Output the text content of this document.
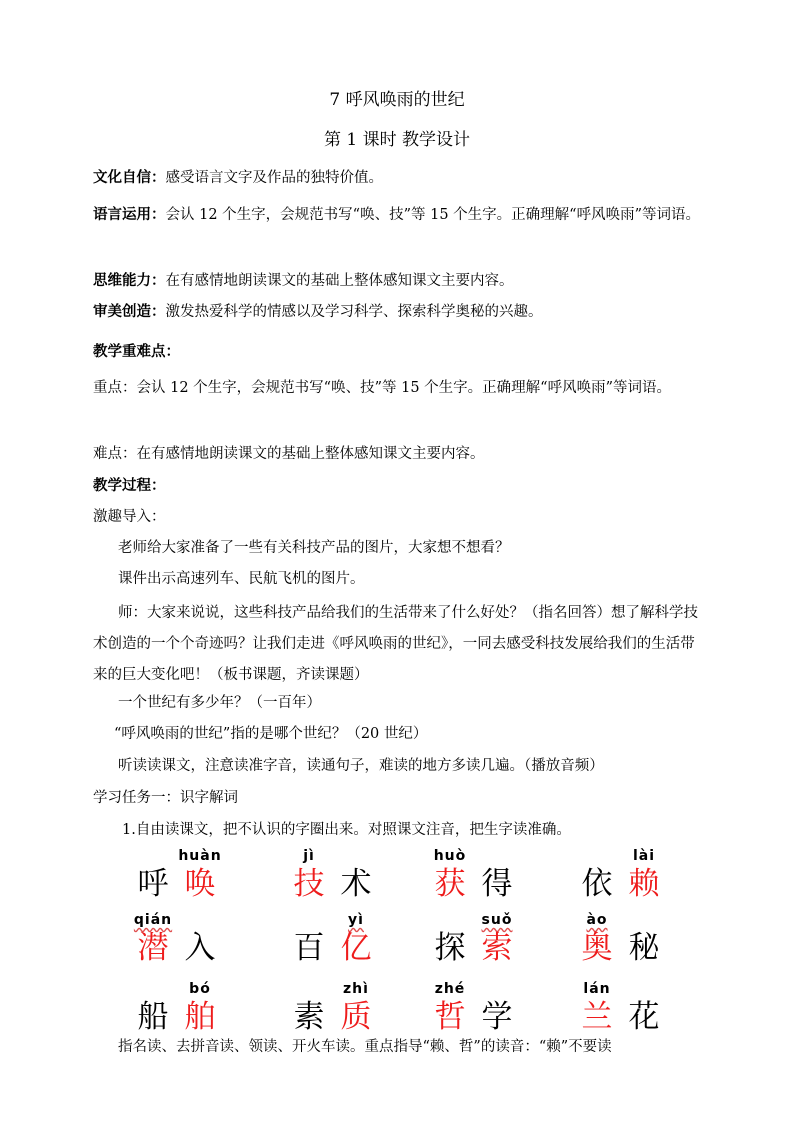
7 呼风唤雨的世纪
第 1 课时 教学设计
文化自信：感受语言文字及作品的独特价值。
语言运用：会认 12 个生字，会规范书写“唤、技”等 15 个生字。正确理解“呼风唤雨”等词语。
思维能力：在有感情地朗读课文的基础上整体感知课文主要内容。
审美创造：激发热爱科学的情感以及学习科学、探索科学奥秘的兴趣。
教学重难点：
重点：会认 12 个生字，会规范书写“唤、技”等 15 个生字。正确理解“呼风唤雨”等词语。
难点：在有感情地朗读课文的基础上整体感知课文主要内容。
教学过程：
激趣导入：
老师给大家准备了一些有关科技产品的图片，大家想不想看？
课件出示高速列车、民航飞机的图片。
师：大家来说说，这些科技产品给我们的生活带来了什么好处？（指名回答）想了解科学技术创造的一个个奇迹吗？让我们走进《呼风唤雨的世纪》，一同去感受科技发展给我们的生活带来的巨大变化吧！（板书课题，齐读课题）
一个世纪有多少年？（一百年）
“呼风唤雨的世纪”指的是哪个世纪？（20 世纪）
听读读课文，注意读准字音，读通句子，难读的地方多读几遍。（播放音频）
学习任务一：识字解词
1.自由读课文，把不认识的字圈出来。对照课文注音，把生字读准确。
呼
huàn
唤
jì
技 术
huò
获 得 依
lài
赖
qián
潜 入	百
yì
亿 探
suǒ
索
ào
奥 秘
船
bó
舶	素
zhì
质
zhé
哲 学
lán
兰 花
指名读、去拼音读、领读、开火车读。重点指导“赖、哲”的读音：“赖”不要读
